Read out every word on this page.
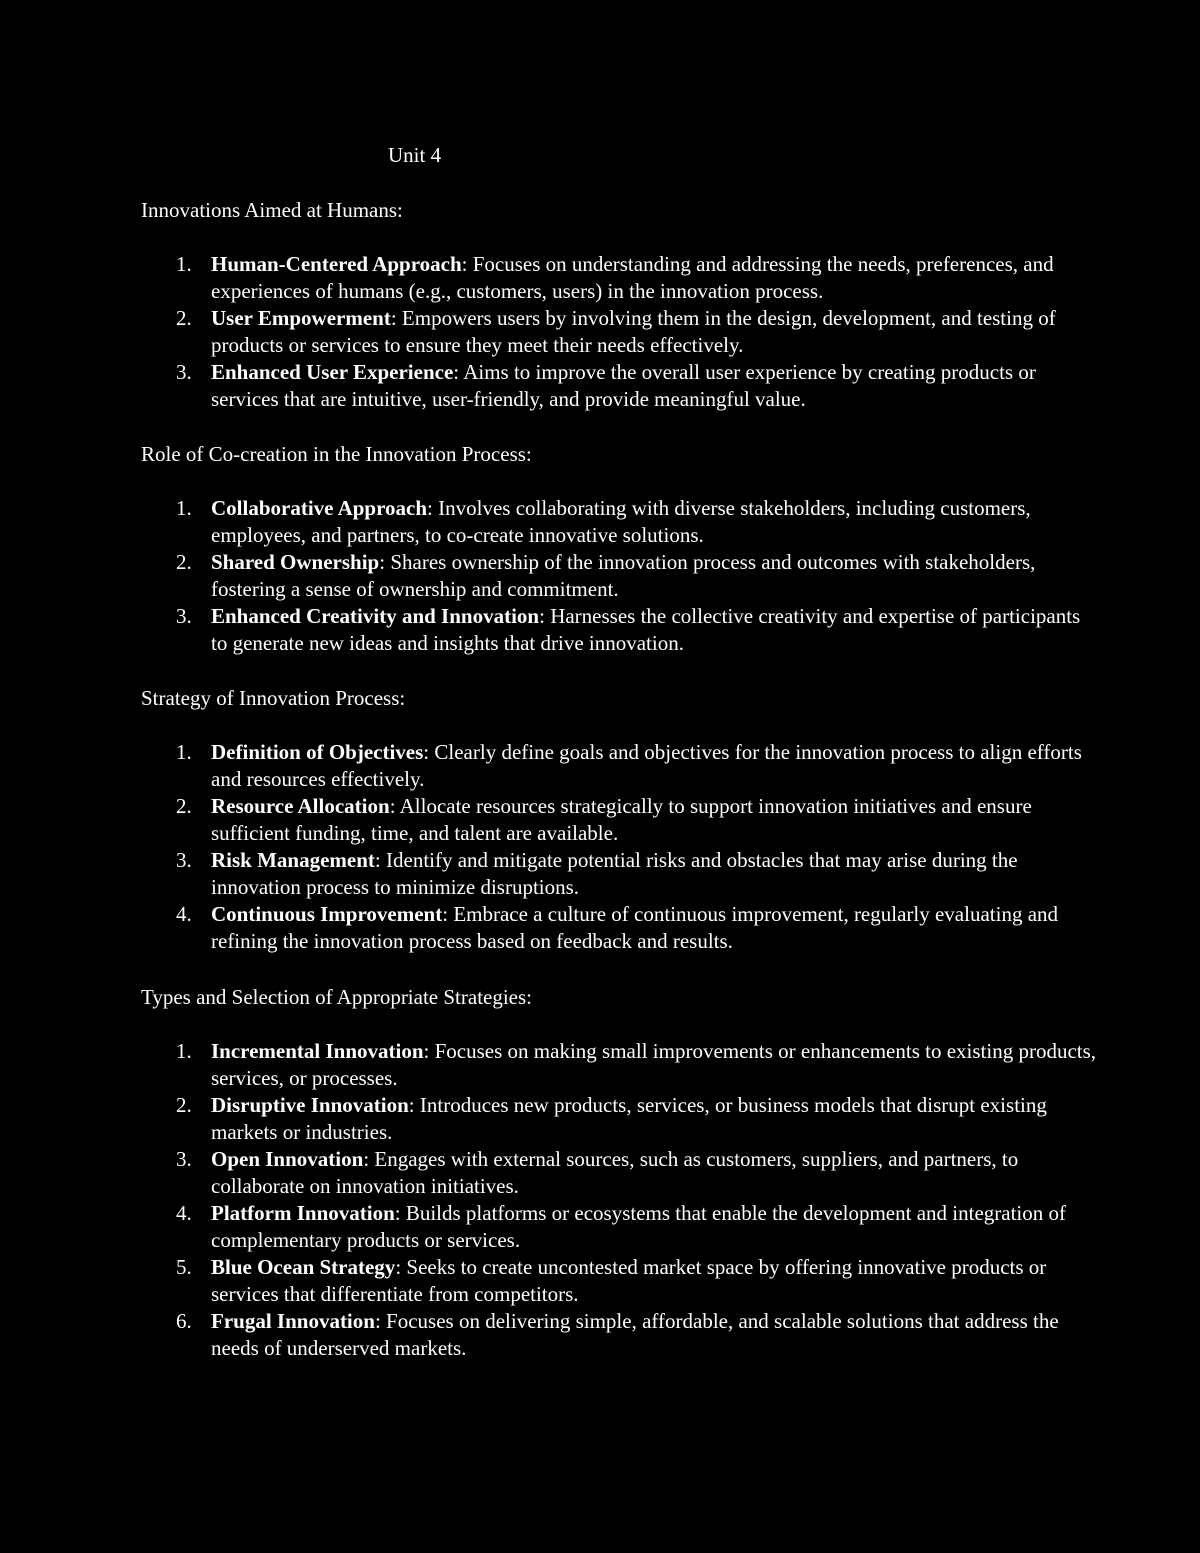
Unit 4
Innovations Aimed at Humans:
1. Human-Centered Approach: Focuses on understanding and addressing the needs, preferences, and experiences of humans (e.g., customers, users) in the innovation process.
2. User Empowerment: Empowers users by involving them in the design, development, and testing of products or services to ensure they meet their needs effectively.
3. Enhanced User Experience: Aims to improve the overall user experience by creating products or services that are intuitive, user-friendly, and provide meaningful value.
Role of Co-creation in the Innovation Process:
1. Collaborative Approach: Involves collaborating with diverse stakeholders, including customers, employees, and partners, to co-create innovative solutions.
2. Shared Ownership: Shares ownership of the innovation process and outcomes with stakeholders, fostering a sense of ownership and commitment.
3. Enhanced Creativity and Innovation: Harnesses the collective creativity and expertise of participants to generate new ideas and insights that drive innovation.
Strategy of Innovation Process:
1. Definition of Objectives: Clearly define goals and objectives for the innovation process to align efforts and resources effectively.
2. Resource Allocation: Allocate resources strategically to support innovation initiatives and ensure sufficient funding, time, and talent are available.
3. Risk Management: Identify and mitigate potential risks and obstacles that may arise during the innovation process to minimize disruptions.
4. Continuous Improvement: Embrace a culture of continuous improvement, regularly evaluating and refining the innovation process based on feedback and results.
Types and Selection of Appropriate Strategies:
1. Incremental Innovation: Focuses on making small improvements or enhancements to existing products, services, or processes.
2. Disruptive Innovation: Introduces new products, services, or business models that disrupt existing markets or industries.
3. Open Innovation: Engages with external sources, such as customers, suppliers, and partners, to collaborate on innovation initiatives.
4. Platform Innovation: Builds platforms or ecosystems that enable the development and integration of complementary products or services.
5. Blue Ocean Strategy: Seeks to create uncontested market space by offering innovative products or services that differentiate from competitors.
6. Frugal Innovation: Focuses on delivering simple, affordable, and scalable solutions that address the needs of underserved markets.
